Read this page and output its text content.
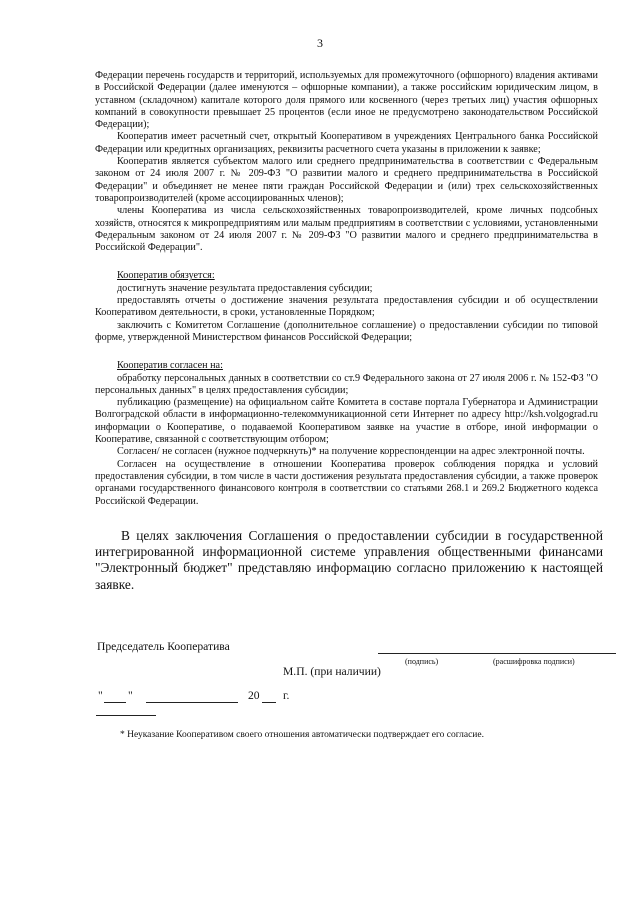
3

Федерации перечень государств и территорий, используемых для промежуточного (офшорного) владения активами в Российской Федерации (далее именуются – офшорные компании), а также российским юридическим лицом, в уставном (складочном) капитале которого доля прямого или косвенного (через третьих лиц) участия офшорных компаний в совокупности превышает 25 процентов (если иное не предусмотрено законодательством Российской Федерации);

Кооператив имеет расчетный счет, открытый Кооперативом в учреждениях Центрального банка Российской Федерации или кредитных организациях, реквизиты расчетного счета указаны в приложении к заявке;

Кооператив является субъектом малого или среднего предпринимательства в соответствии с Федеральным законом от 24 июля 2007 г. № 209-ФЗ "О развитии малого и среднего предпринимательства в Российской Федерации" и объединяет не менее пяти граждан Российской Федерации и (или) трех сельскохозяйственных товаропроизводителей (кроме ассоциированных членов);

члены Кооператива из числа сельскохозяйственных товаропроизводителей, кроме личных подсобных хозяйств, относятся к микропредприятиям или малым предприятиям в соответствии с условиями, установленными Федеральным законом от 24 июля 2007 г. № 209-ФЗ "О развитии малого и среднего предпринимательства в Российской Федерации".

Кооператив обязуется:

достигнуть значение результата предоставления субсидии;

предоставлять отчеты о достижение значения результата предоставления субсидии и об осуществлении Кооперативом деятельности, в сроки, установленные Порядком;

заключить с Комитетом Соглашение (дополнительное соглашение) о предоставлении субсидии по типовой форме, утвержденной Министерством финансов Российской Федерации;

Кооператив согласен на:

обработку персональных данных в соответствии со ст.9 Федерального закона от 27 июля 2006 г. № 152-ФЗ "О персональных данных" в целях предоставления субсидии;

публикацию (размещение) на официальном сайте Комитета в составе портала Губернатора и Администрации Волгоградской области в информационно-телекоммуникационной сети Интернет по адресу http://ksh.volgograd.ru информации о Кооперативе, о подаваемой Кооперативом заявке на участие в отборе, иной информации о Кооперативе, связанной с соответствующим отбором;

Согласен/ не согласен (нужное подчеркнуть)* на получение корреспонденции на адрес электронной почты.

Согласен на осуществление в отношении Кооператива проверок соблюдения порядка и условий предоставления субсидии, в том числе в части достижения результата предоставления субсидии, а также проверок органами государственного финансового контроля в соответствии со статьями 268.1 и 269.2 Бюджетного кодекса Российской Федерации.

В целях заключения Соглашения о предоставлении субсидии в государственной интегрированной информационной системе управления общественными финансами "Электронный бюджет" представляю информацию согласно приложению к настоящей заявке.
Председатель Кооператива
(подпись)	(расшифровка подписи)
М.П. (при наличии)
" "	20 г.
* Неуказание Кооперативом своего отношения автоматически подтверждает его согласие.
